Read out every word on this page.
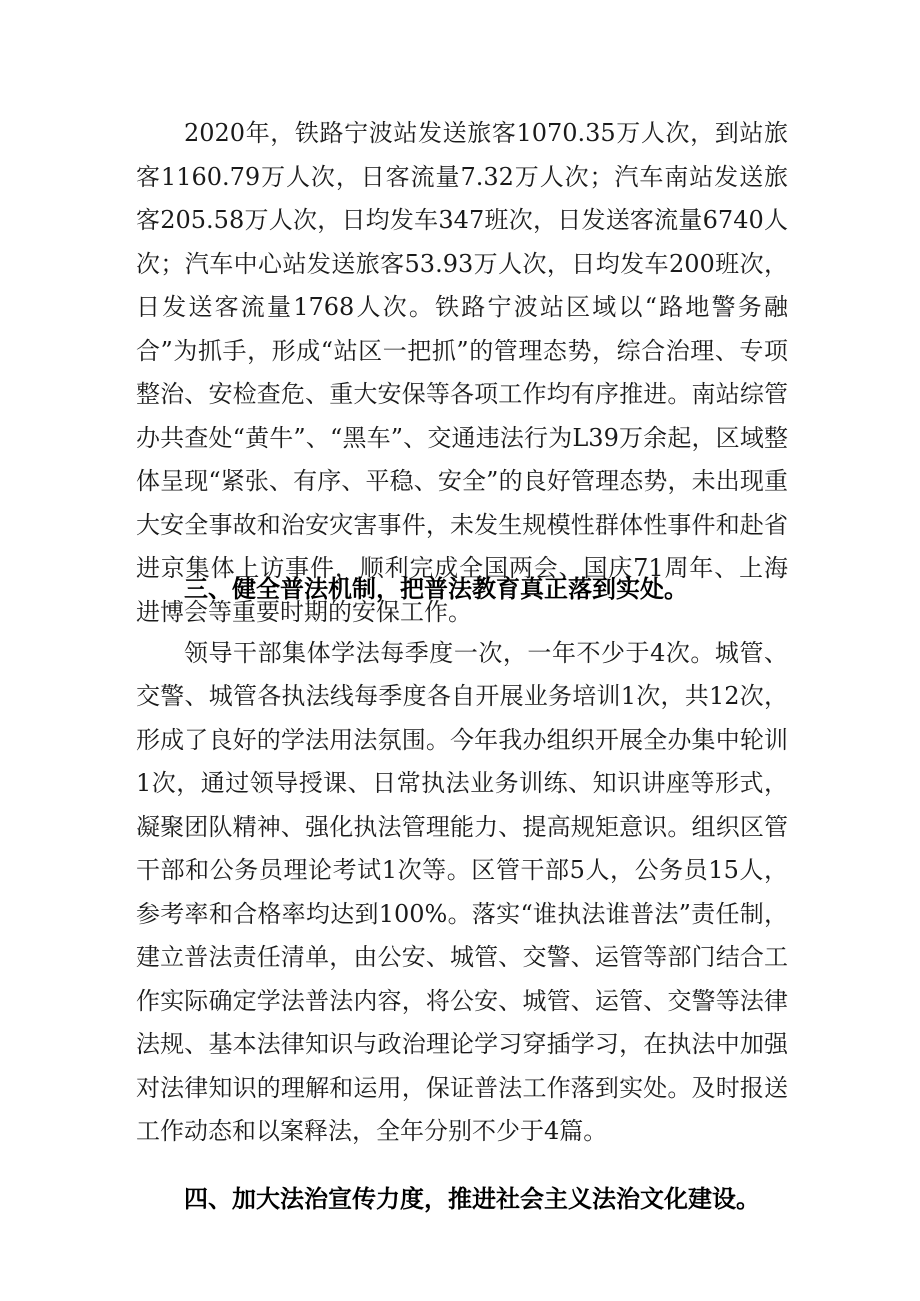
2020年，铁路宁波站发送旅客1070.35万人次，到站旅客1160.79万人次，日客流量7.32万人次；汽车南站发送旅客205.58万人次，日均发车347班次，日发送客流量6740人次；汽车中心站发送旅客53.93万人次，日均发车200班次，日发送客流量1768人次。铁路宁波站区域以“路地警务融合”为抓手，形成“站区一把抓”的管理态势，综合治理、专项整治、安检查危、重大安保等各项工作均有序推进。南站综管办共查处“黄牛”、“黑车”、交通违法行为L39万余起，区域整体呈现“紧张、有序、平稳、安全”的良好管理态势，未出现重大安全事故和治安灾害事件，未发生规模性群体性事件和赴省进京集体上访事件，顺利完成全国两会、国庆71周年、上海进博会等重要时期的安保工作。

三、健全普法机制，把普法教育真正落到实处。

领导干部集体学法每季度一次，一年不少于4次。城管、交警、城管各执法线每季度各自开展业务培训1次，共12次，形成了良好的学法用法氛围。今年我办组织开展全办集中轮训1次，通过领导授课、日常执法业务训练、知识讲座等形式，凝聚团队精神、强化执法管理能力、提高规矩意识。组织区管干部和公务员理论考试1次等。区管干部5人，公务员15人，参考率和合格率均达到100%。落实“谁执法谁普法”责任制，建立普法责任清单，由公安、城管、交警、运管等部门结合工作实际确定学法普法内容，将公安、城管、运管、交警等法律法规、基本法律知识与政治理论学习穿插学习，在执法中加强对法律知识的理解和运用，保证普法工作落到实处。及时报送工作动态和以案释法，全年分别不少于4篇。

四、加大法治宣传力度，推进社会主义法治文化建设。
